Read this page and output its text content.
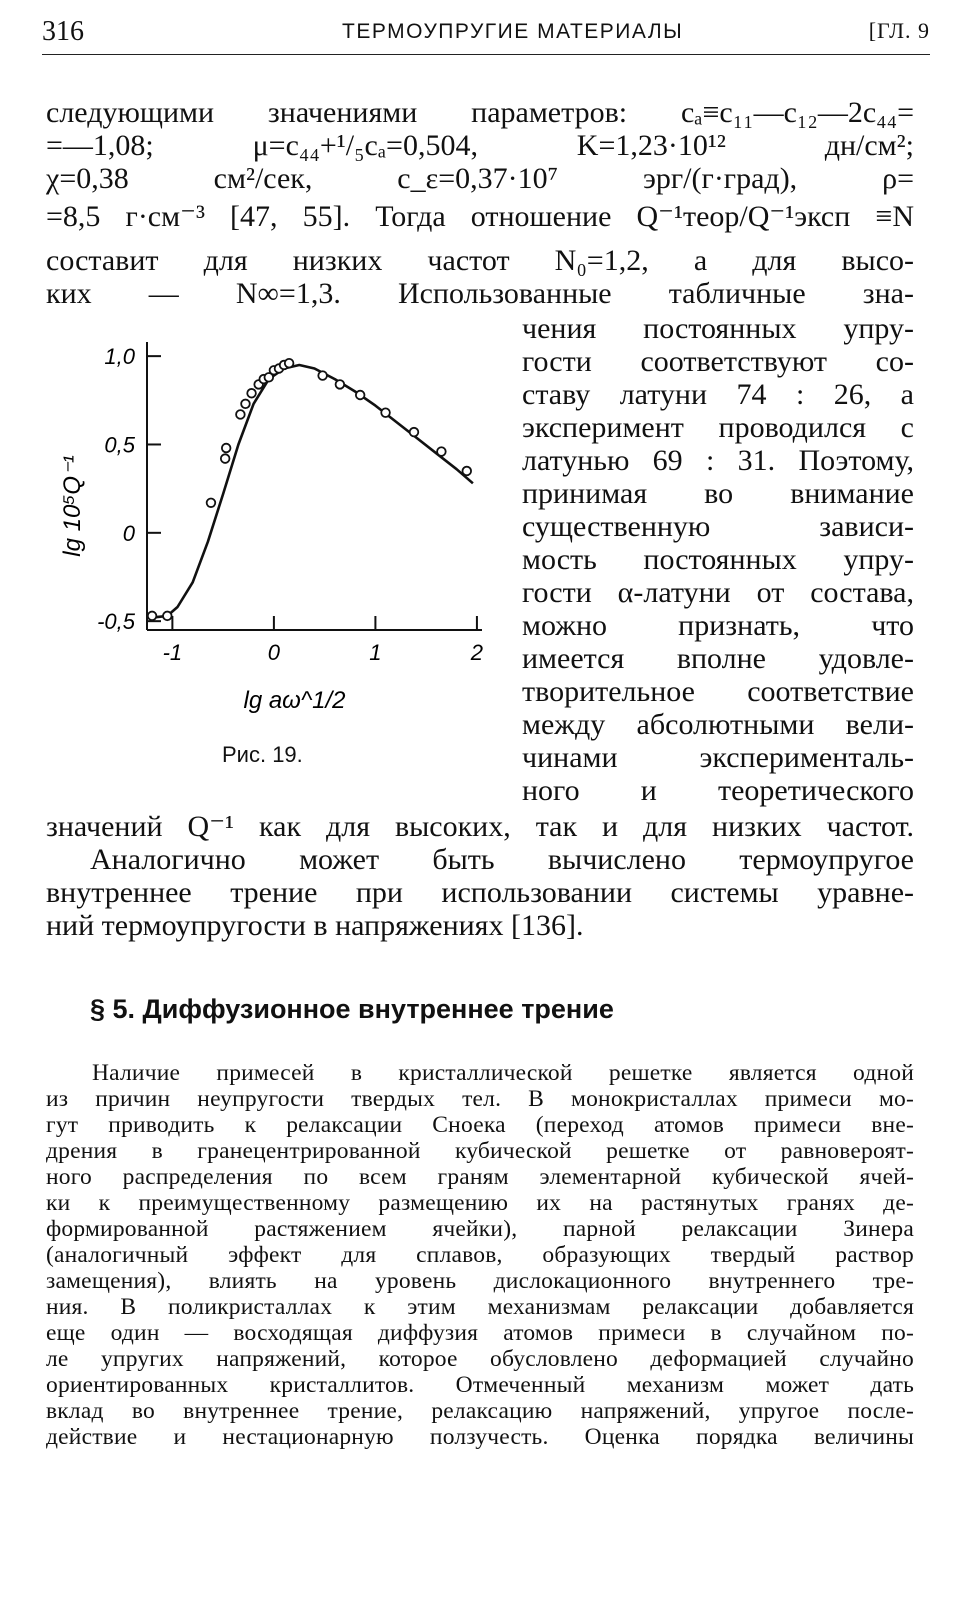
316	ТЕРМОУПРУГИЕ МАТЕРИАЛЫ	[ГЛ. 9
следующими значениями параметров: cₐ≡c₁₁—c₁₂—2c₄₄=
=—1,08; μ=c₄₄+¹/₅cₐ=0,504, K=1,23·10¹² дн/см²;
χ=0,38 см²/сек, c_ε=0,37·10⁷ эрг/(г·град), ρ=
=8,5 г·см⁻³ [47, 55]. Тогда отношение Q⁻¹теор/Q⁻¹эксп ≡N
составит для низких частот N₀=1,2, а для высо-
ких — N∞=1,3. Использованные табличные зна-
чения постоянных упру-
гости соответствуют со-
ставу латуни 74 : 26, а
эксперимент проводился с
латунью 69 : 31. Поэтому,
принимая во внимание
существенную зависи-
мость постоянных упру-
гости α-латуни от состава,
можно признать, что
имеется вполне удовле-
творительное соответствие
между абсолютными вели-
чинами эксперименталь-
ного и теоретического
-0,5
0
0,5
1,0
-1	0	1	2
lg 10⁵Q⁻¹
lg aω^1/2
Рис. 19.
значений Q⁻¹ как для высоких, так и для низких частот.
Аналогично может быть вычислено термоупругое
внутреннее трение при использовании системы уравне-
ний термоупругости в напряжениях [136].
§ 5. Диффузионное внутреннее трение
Наличие примесей в кристаллической решетке является одной
из причин неупругости твердых тел. В монокристаллах примеси мо-
гут приводить к релаксации Сноека (переход атомов примеси вне-
дрения в гранецентрированной кубической решетке от равновероят-
ного распределения по всем граням элементарной кубической ячей-
ки к преимущественному размещению их на растянутых гранях де-
формированной растяжением ячейки), парной релаксации Зинера
(аналогичный эффект для сплавов, образующих твердый раствор
замещения), влиять на уровень дислокационного внутреннего тре-
ния. В поликристаллах к этим механизмам релаксации добавляется
еще один — восходящая диффузия атомов примеси в случайном по-
ле упругих напряжений, которое обусловлено деформацией случайно
ориентированных кристаллитов. Отмеченный механизм может дать
вклад во внутреннее трение, релаксацию напряжений, упругое после-
действие и нестационарную ползучесть. Оценка порядка величины
